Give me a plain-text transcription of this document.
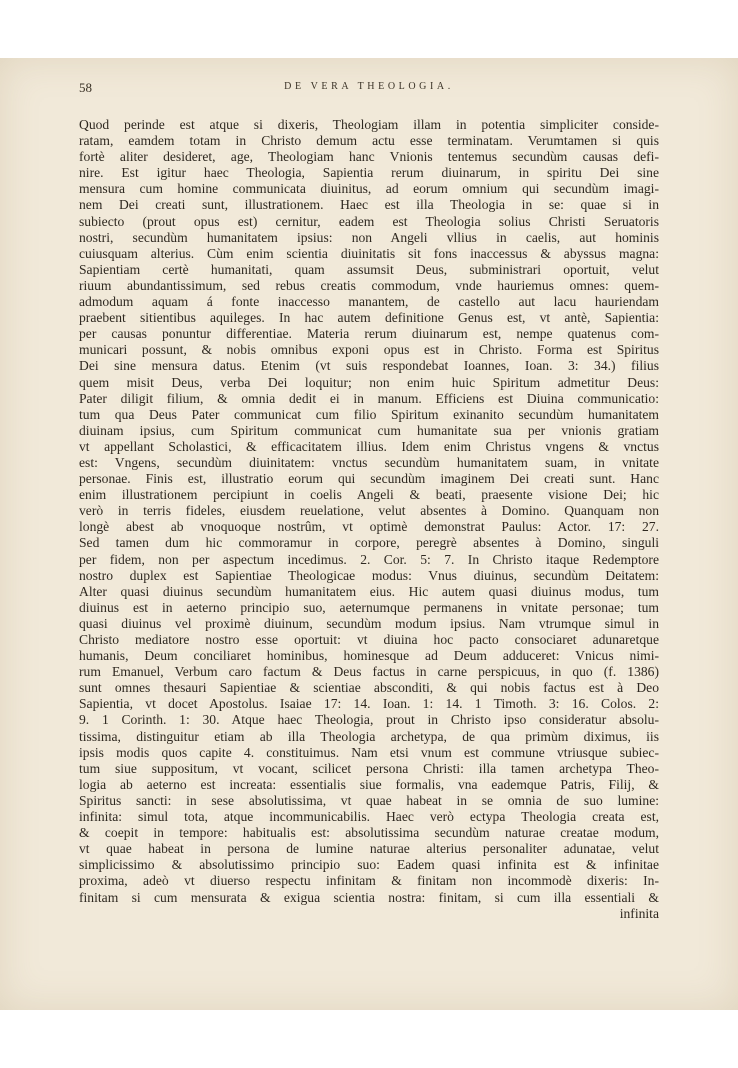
58	DE VERA THEOLOGIA.
Quod perinde est atque si dixeris, Theologiam illam in potentia simpliciter conside-
ratam, eamdem totam in Christo demum actu esse terminatam. Verumtamen si quis
fortè aliter desideret, age, Theologiam hanc Vnionis tentemus secundùm causas defi-
nire. Est igitur haec Theologia, Sapientia rerum diuinarum, in spiritu Dei sine
mensura cum homine communicata diuinitus, ad eorum omnium qui secundùm imagi-
nem Dei creati sunt, illustrationem. Haec est illa Theologia in se: quae si in
subiecto (prout opus est) cernitur, eadem est Theologia solius Christi Seruatoris
nostri, secundùm humanitatem ipsius: non Angeli vllius in caelis, aut hominis
cuiusquam alterius. Cùm enim scientia diuinitatis sit fons inaccessus & abyssus magna:
Sapientiam certè humanitati, quam assumsit Deus, subministrari oportuit, velut
riuum abundantissimum, sed rebus creatis commodum, vnde hauriemus omnes: quem-
admodum aquam á fonte inaccesso manantem, de castello aut lacu hauriendam
praebent sitientibus aquileges. In hac autem definitione Genus est, vt antè, Sapientia:
per causas ponuntur differentiae. Materia rerum diuinarum est, nempe quatenus com-
municari possunt, & nobis omnibus exponi opus est in Christo. Forma est Spiritus
Dei sine mensura datus. Etenim (vt suis respondebat Ioannes, Ioan. 3: 34.) filius
quem misit Deus, verba Dei loquitur; non enim huic Spiritum admetitur Deus:
Pater diligit filium, & omnia dedit ei in manum. Efficiens est Diuina communicatio:
tum qua Deus Pater communicat cum filio Spiritum exinanito secundùm humanitatem
diuinam ipsius, cum Spiritum communicat cum humanitate sua per vnionis gratiam
vt appellant Scholastici, & efficacitatem illius. Idem enim Christus vngens & vnctus
est: Vngens, secundùm diuinitatem: vnctus secundùm humanitatem suam, in vnitate
personae. Finis est, illustratio eorum qui secundùm imaginem Dei creati sunt. Hanc
enim illustrationem percipiunt in coelis Angeli & beati, praesente visione Dei; hic
verò in terris fideles, eiusdem reuelatione, velut absentes à Domino. Quanquam non
longè abest ab vnoquoque nostrûm, vt optimè demonstrat Paulus: Actor. 17: 27.
Sed tamen dum hic commoramur in corpore, peregrè absentes à Domino, singuli
per fidem, non per aspectum incedimus. 2. Cor. 5: 7. In Christo itaque Redemptore
nostro duplex est Sapientiae Theologicae modus: Vnus diuinus, secundùm Deitatem:
Alter quasi diuinus secundùm humanitatem eius. Hic autem quasi diuinus modus, tum
diuinus est in aeterno principio suo, aeternumque permanens in vnitate personae; tum
quasi diuinus vel proximè diuinum, secundùm modum ipsius. Nam vtrumque simul in
Christo mediatore nostro esse oportuit: vt diuina hoc pacto consociaret adunaretque
humanis, Deum conciliaret hominibus, hominesque ad Deum adduceret: Vnicus nimi-
rum Emanuel, Verbum caro factum & Deus factus in carne perspicuus, in quo (f. 1386)
sunt omnes thesauri Sapientiae & scientiae absconditi, & qui nobis factus est à Deo
Sapientia, vt docet Apostolus. Isaiae 17: 14. Ioan. 1: 14. 1 Timoth. 3: 16. Colos. 2:
9. 1 Corinth. 1: 30. Atque haec Theologia, prout in Christo ipso consideratur absolu-
tissima, distinguitur etiam ab illa Theologia archetypa, de qua primùm diximus, iis
ipsis modis quos capite 4. constituimus. Nam etsi vnum est commune vtriusque subiec-
tum siue suppositum, vt vocant, scilicet persona Christi: illa tamen archetypa Theo-
logia ab aeterno est increata: essentialis siue formalis, vna eademque Patris, Filij, &
Spiritus sancti: in sese absolutissima, vt quae habeat in se omnia de suo lumine:
infinita: simul tota, atque incommunicabilis. Haec verò ectypa Theologia creata est,
& coepit in tempore: habitualis est: absolutissima secundùm naturae creatae modum,
vt quae habeat in persona de lumine naturae alterius personaliter adunatae, velut
simplicissimo & absolutissimo principio suo: Eadem quasi infinita est & infinitae
proxima, adeò vt diuerso respectu infinitam & finitam non incommodè dixeris: In-
finitam si cum mensurata & exigua scientia nostra: finitam, si cum illa essentiali &
infinita
